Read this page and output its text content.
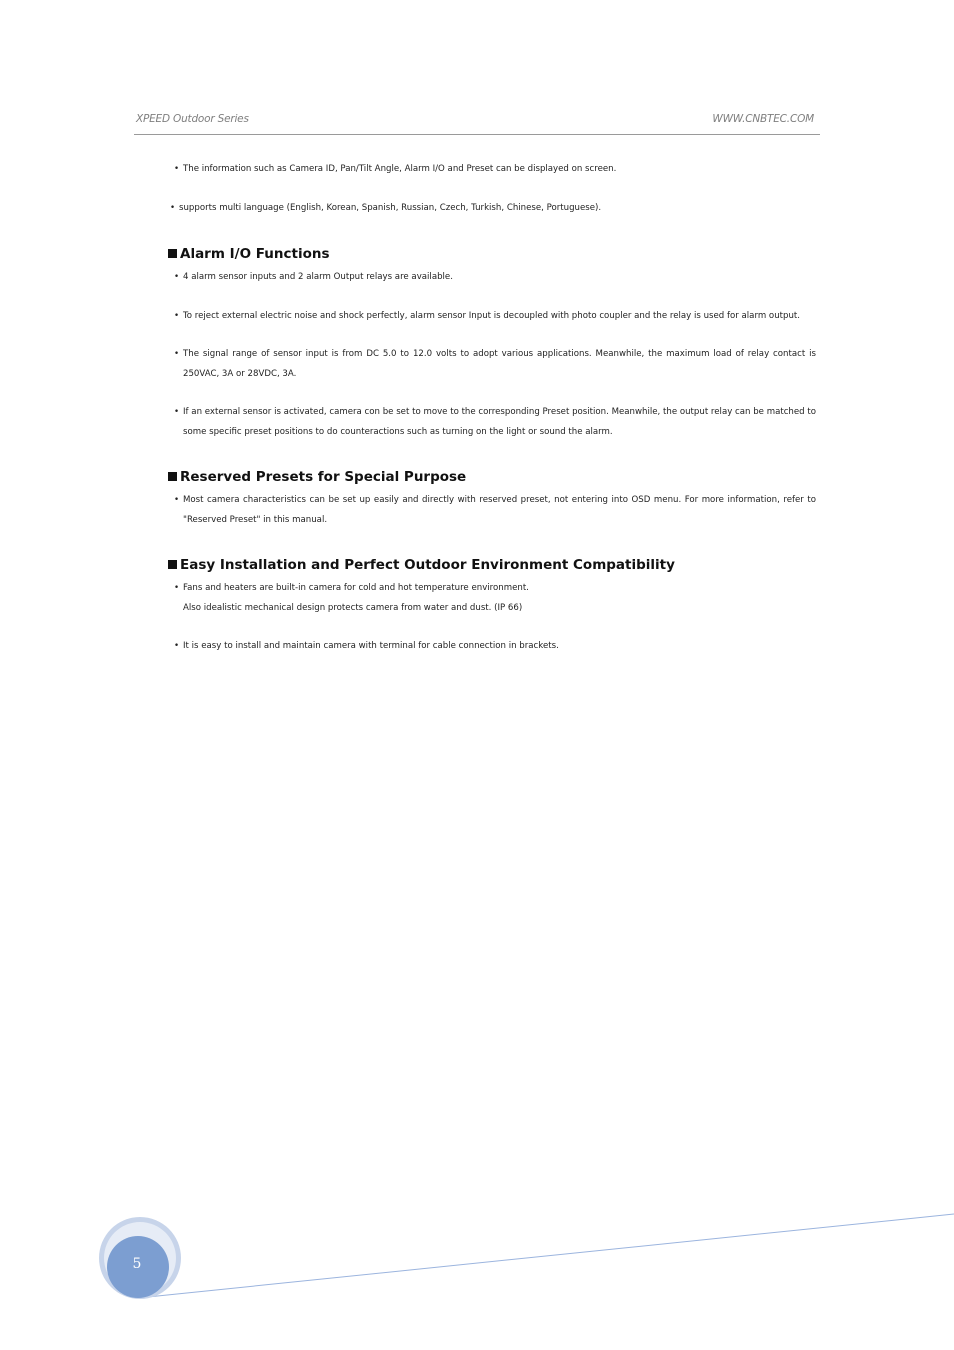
XPEED Outdoor Series	WWW.CNBTEC.COM
• The information such as Camera ID, Pan/Tilt Angle, Alarm I/O and Preset can be displayed on screen.
• supports multi language (English, Korean, Spanish, Russian, Czech, Turkish, Chinese, Portuguese).
Alarm I/O Functions
• 4 alarm sensor inputs and 2 alarm Output relays are available.
• To reject external electric noise and shock perfectly, alarm sensor Input is decoupled with photo coupler and the relay is used for alarm output.
• The signal range of sensor input is from DC 5.0 to 12.0 volts to adopt various applications. Meanwhile, the maximum load of relay contact is 250VAC, 3A or 28VDC, 3A.
• If an external sensor is activated, camera con be set to move to the corresponding Preset position. Meanwhile, the output relay can be matched to some specific preset positions to do counteractions such as turning on the light or sound the alarm.
Reserved Presets for Special Purpose
• Most camera characteristics can be set up easily and directly with reserved preset, not entering into OSD menu. For more information, refer to "Reserved Preset" in this manual.
Easy Installation and Perfect Outdoor Environment Compatibility
• Fans and heaters are built-in camera for cold and hot temperature environment.
Also idealistic mechanical design protects camera from water and dust. (IP 66)
• It is easy to install and maintain camera with terminal for cable connection in brackets.
5
